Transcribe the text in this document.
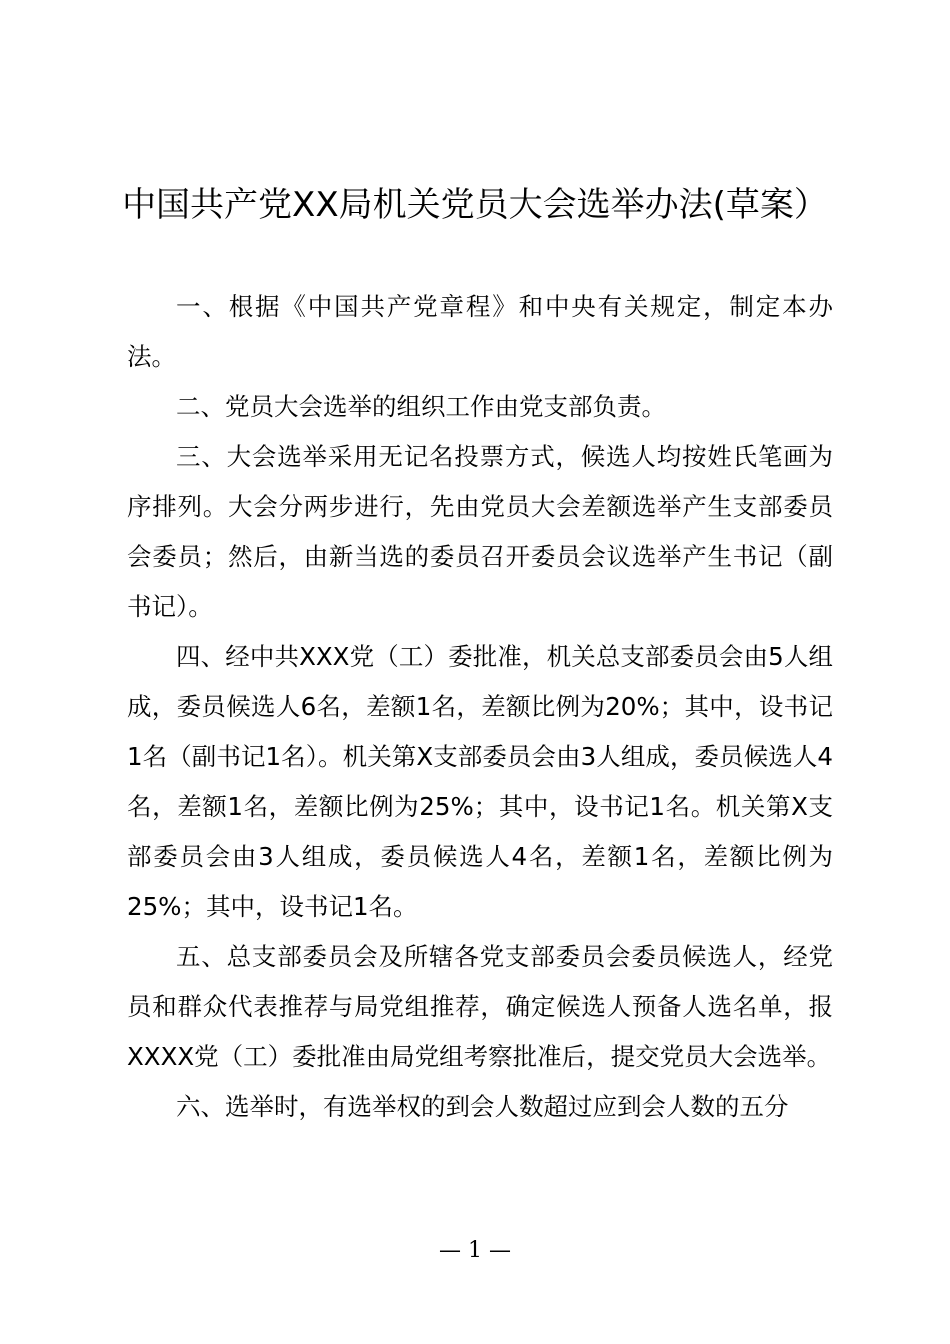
中国共产党XX局机关党员大会选举办法(草案）

一、根据《中国共产党章程》和中央有关规定，制定本办法。

二、党员大会选举的组织工作由党支部负责。

三、大会选举采用无记名投票方式，候选人均按姓氏笔画为序排列。大会分两步进行，先由党员大会差额选举产生支部委员会委员；然后，由新当选的委员召开委员会议选举产生书记（副书记）。

四、经中共XXX党（工）委批准，机关总支部委员会由5人组成，委员候选人6名，差额1名，差额比例为20%；其中，设书记1名（副书记1名）。机关第X支部委员会由3人组成，委员候选人4名，差额1名，差额比例为25%；其中，设书记1名。机关第X支部委员会由3人组成，委员候选人4名，差额1名，差额比例为25%；其中，设书记1名。

五、总支部委员会及所辖各党支部委员会委员候选人，经党员和群众代表推荐与局党组推荐，确定候选人预备人选名单，报XXXX党（工）委批准由局党组考察批准后，提交党员大会选举。

六、选举时，有选举权的到会人数超过应到会人数的五分

— 1 —
